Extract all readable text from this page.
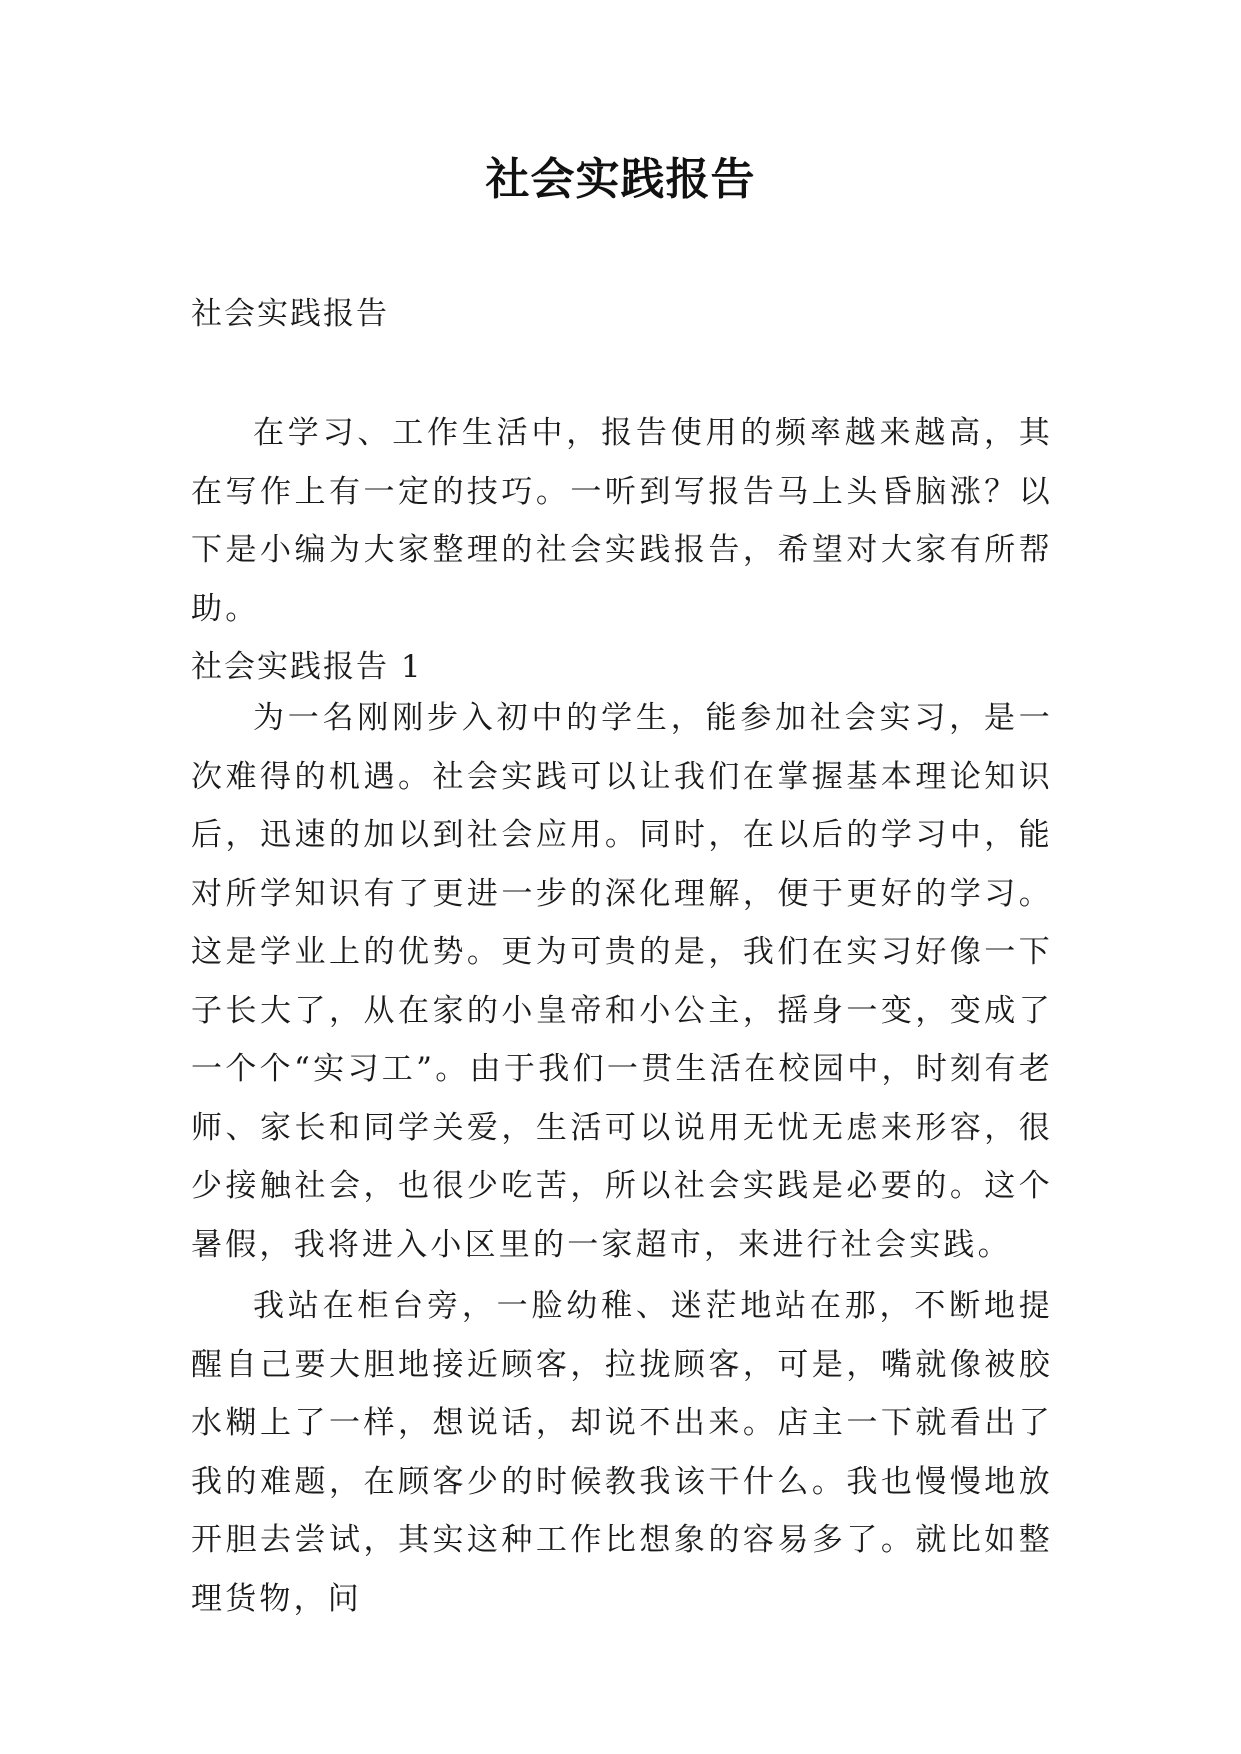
社会实践报告
社会实践报告

在学习、工作生活中，报告使用的频率越来越高，其在写作上有一定的技巧。一听到写报告马上头昏脑涨？以下是小编为大家整理的社会实践报告，希望对大家有所帮助。

社会实践报告 1

为一名刚刚步入初中的学生，能参加社会实习，是一次难得的机遇。社会实践可以让我们在掌握基本理论知识后，迅速的加以到社会应用。同时，在以后的学习中，能对所学知识有了更进一步的深化理解，便于更好的学习。这是学业上的优势。更为可贵的是，我们在实习好像一下子长大了，从在家的小皇帝和小公主，摇身一变，变成了一个个“实习工”。由于我们一贯生活在校园中，时刻有老师、家长和同学关爱，生活可以说用无忧无虑来形容，很少接触社会，也很少吃苦，所以社会实践是必要的。这个暑假，我将进入小区里的一家超市，来进行社会实践。

我站在柜台旁，一脸幼稚、迷茫地站在那，不断地提醒自己要大胆地接近顾客，拉拢顾客，可是，嘴就像被胶水糊上了一样，想说话，却说不出来。店主一下就看出了我的难题，在顾客少的时候教我该干什么。我也慢慢地放开胆去尝试，其实这种工作比想象的容易多了。就比如整理货物，问
